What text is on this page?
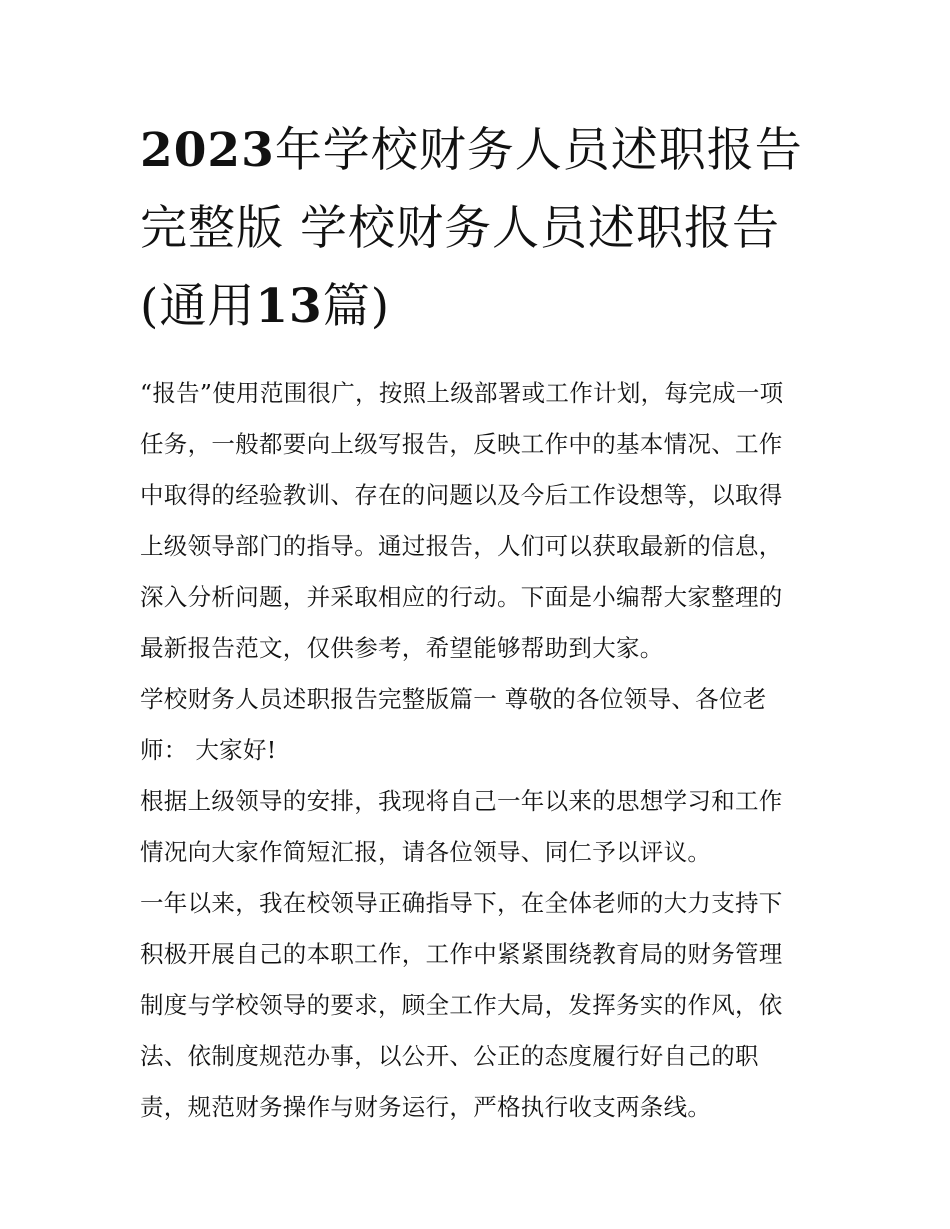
2023年学校财务人员述职报告
完整版 学校财务人员述职报告
(通用13篇)

“报告”使用范围很广，按照上级部署或工作计划，每完成一项
任务，一般都要向上级写报告，反映工作中的基本情况、工作
中取得的经验教训、存在的问题以及今后工作设想等，以取得
上级领导部门的指导。通过报告，人们可以获取最新的信息，
深入分析问题，并采取相应的行动。下面是小编帮大家整理的
最新报告范文，仅供参考，希望能够帮助到大家。

学校财务人员述职报告完整版篇一 尊敬的各位领导、各位老
师： 大家好!

根据上级领导的安排，我现将自己一年以来的思想学习和工作
情况向大家作简短汇报，请各位领导、同仁予以评议。

一年以来，我在校领导正确指导下，在全体老师的大力支持下
积极开展自己的本职工作，工作中紧紧围绕教育局的财务管理
制度与学校领导的要求，顾全工作大局，发挥务实的作风，依
法、依制度规范办事，以公开、公正的态度履行好自己的职
责，规范财务操作与财务运行，严格执行收支两条线。
